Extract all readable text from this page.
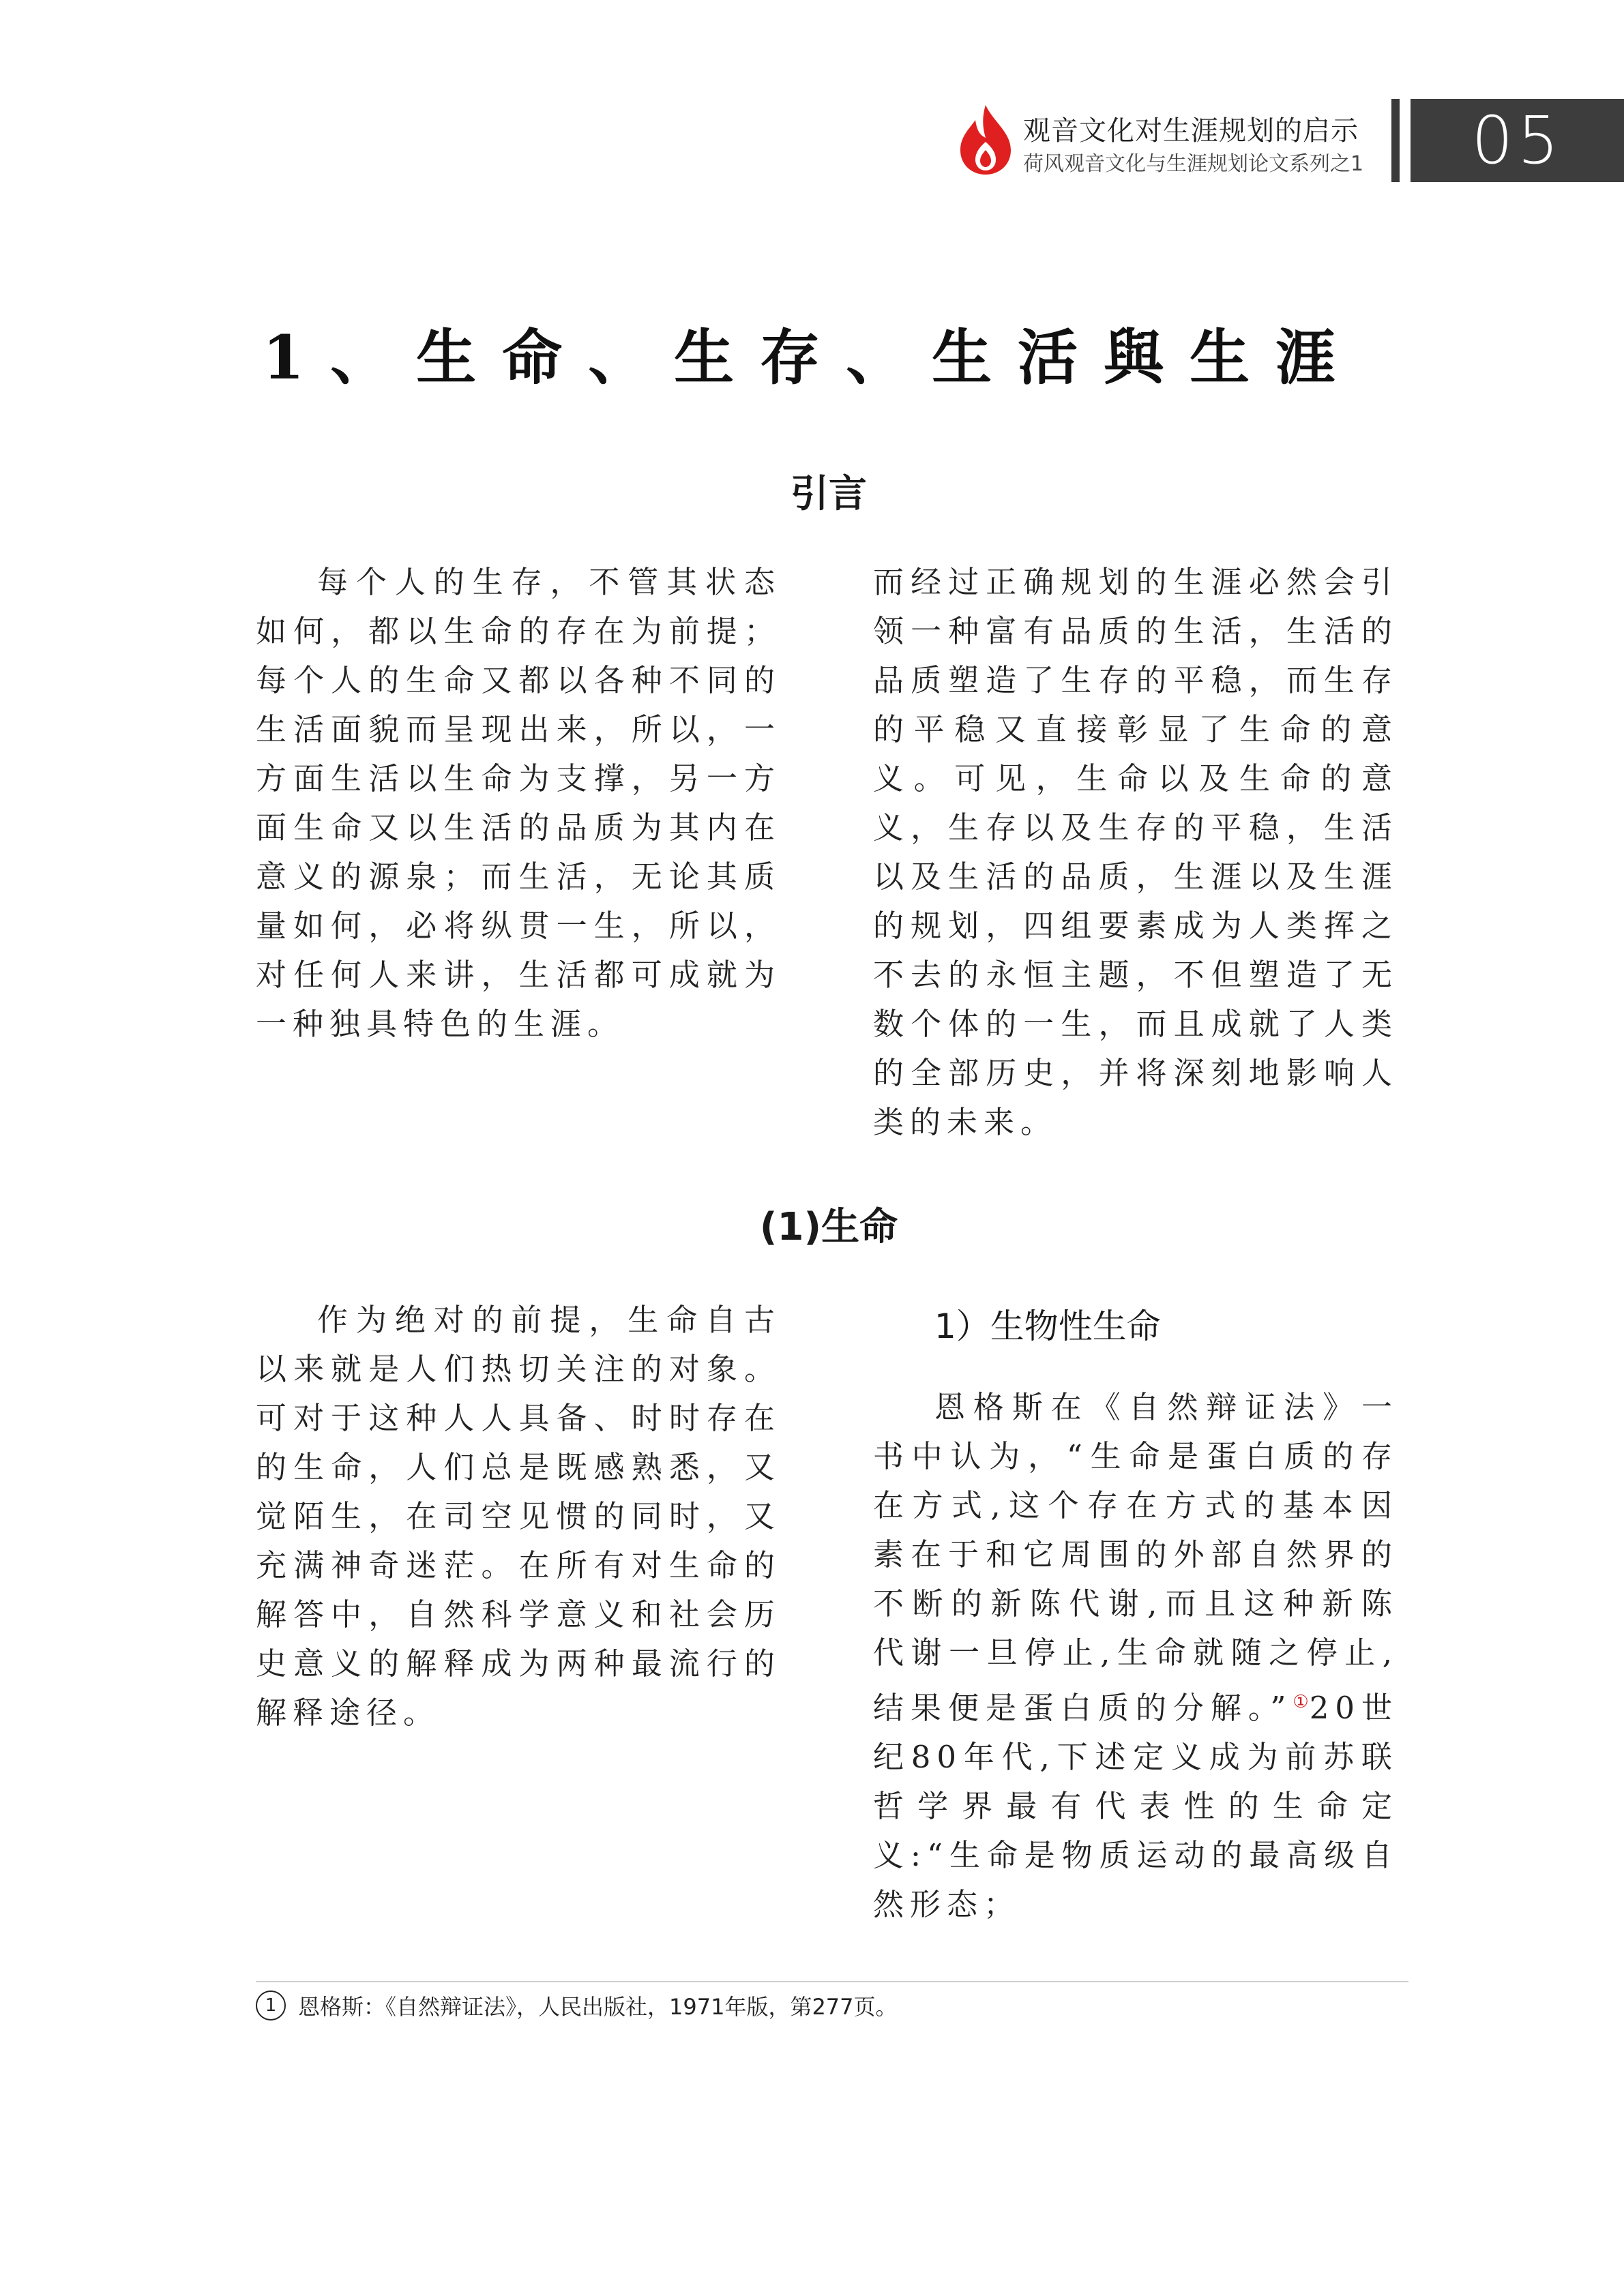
观音文化对生涯规划的启示
荷风观音文化与生涯规划论文系列之1	05
1、生命、生存、生活與生涯
引言

每个人的生存，不管其状态如何，都以生命的存在为前提；每个人的生命又都以各种不同的生活面貌而呈现出来，所以，一方面生活以生命为支撑，另一方面生命又以生活的品质为其内在意义的源泉；而生活，无论其质量如何，必将纵贯一生，所以，对任何人来讲，生活都可成就为一种独具特色的生涯。

而经过正确规划的生涯必然会引领一种富有品质的生活，生活的品质塑造了生存的平稳，而生存的平稳又直接彰显了生命的意义。可见，生命以及生命的意义，生存以及生存的平稳，生活以及生活的品质，生涯以及生涯的规划，四组要素成为人类挥之不去的永恒主题，不但塑造了无数个体的一生，而且成就了人类的全部历史，并将深刻地影响人类的未来。

(1)生命

作为绝对的前提，生命自古以来就是人们热切关注的对象。可对于这种人人具备、时时存在的生命，人们总是既感熟悉，又觉陌生，在司空见惯的同时，又充满神奇迷茫。在所有对生命的解答中，自然科学意义和社会历史意义的解释成为两种最流行的解释途径。

1）生物性生命

恩格斯在《自然辩证法》一书中认为，“生命是蛋白质的存在方式,这个存在方式的基本因素在于和它周围的外部自然界的不断的新陈代谢,而且这种新陈代谢一旦停止,生命就随之停止,结果便是蛋白质的分解。”①20世纪80年代,下述定义成为前苏联哲学界最有代表性的生命定义:“生命是物质运动的最高级自然形态；

1 恩格斯：《自然辩证法》，人民出版社，1971年版，第277页。
